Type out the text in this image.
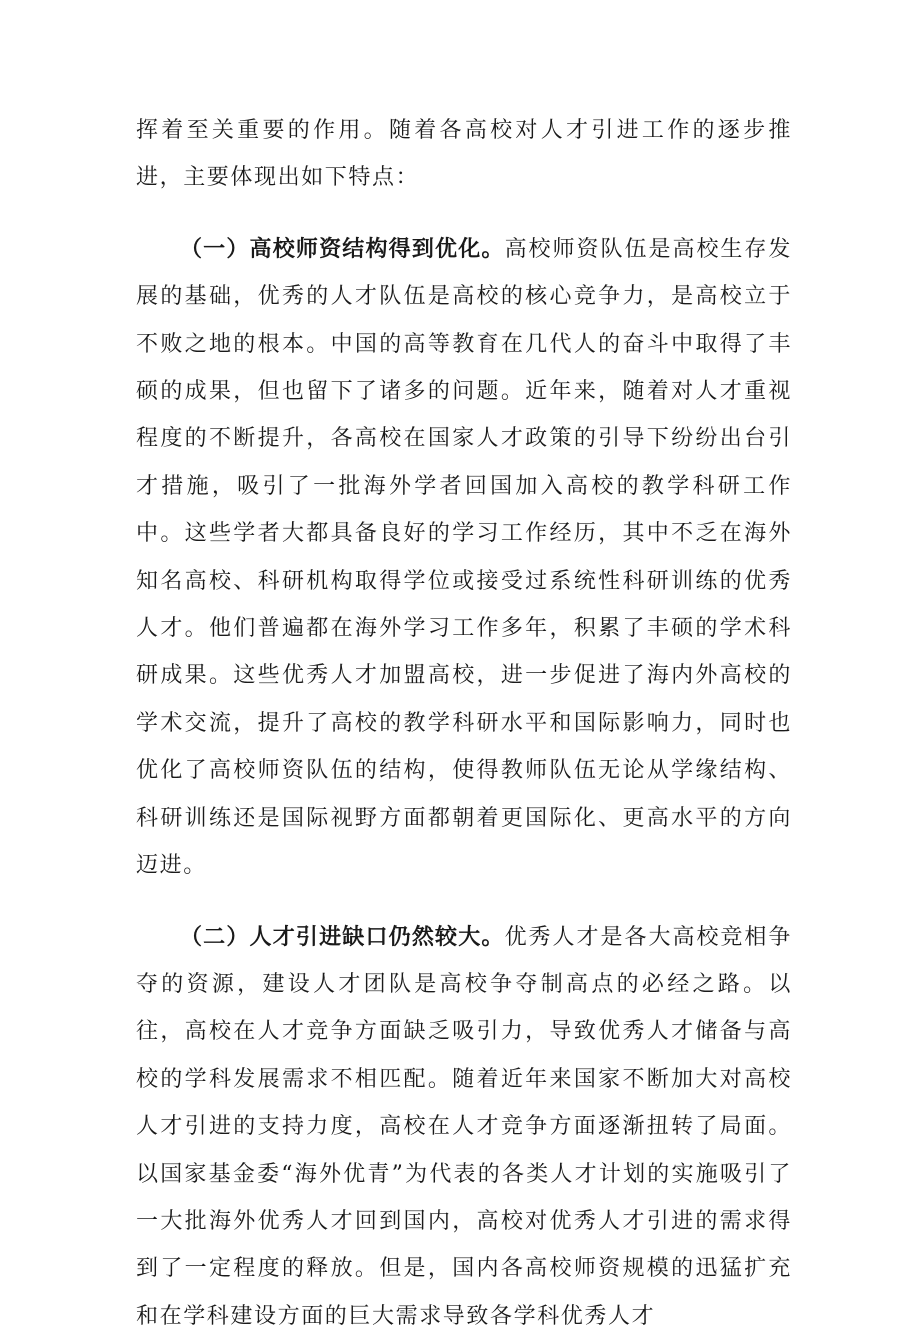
挥着至关重要的作用。随着各高校对人才引进工作的逐步推进，主要体现出如下特点：

（一）高校师资结构得到优化。高校师资队伍是高校生存发展的基础，优秀的人才队伍是高校的核心竞争力，是高校立于不败之地的根本。中国的高等教育在几代人的奋斗中取得了丰硕的成果，但也留下了诸多的问题。近年来，随着对人才重视程度的不断提升，各高校在国家人才政策的引导下纷纷出台引才措施，吸引了一批海外学者回国加入高校的教学科研工作中。这些学者大都具备良好的学习工作经历，其中不乏在海外知名高校、科研机构取得学位或接受过系统性科研训练的优秀人才。他们普遍都在海外学习工作多年，积累了丰硕的学术科研成果。这些优秀人才加盟高校，进一步促进了海内外高校的学术交流，提升了高校的教学科研水平和国际影响力，同时也优化了高校师资队伍的结构，使得教师队伍无论从学缘结构、科研训练还是国际视野方面都朝着更国际化、更高水平的方向迈进。

（二）人才引进缺口仍然较大。优秀人才是各大高校竞相争夺的资源，建设人才团队是高校争夺制高点的必经之路。以往，高校在人才竞争方面缺乏吸引力，导致优秀人才储备与高校的学科发展需求不相匹配。随着近年来国家不断加大对高校人才引进的支持力度，高校在人才竞争方面逐渐扭转了局面。以国家基金委“海外优青”为代表的各类人才计划的实施吸引了一大批海外优秀人才回到国内，高校对优秀人才引进的需求得到了一定程度的释放。但是，国内各高校师资规模的迅猛扩充和在学科建设方面的巨大需求导致各学科优秀人才
